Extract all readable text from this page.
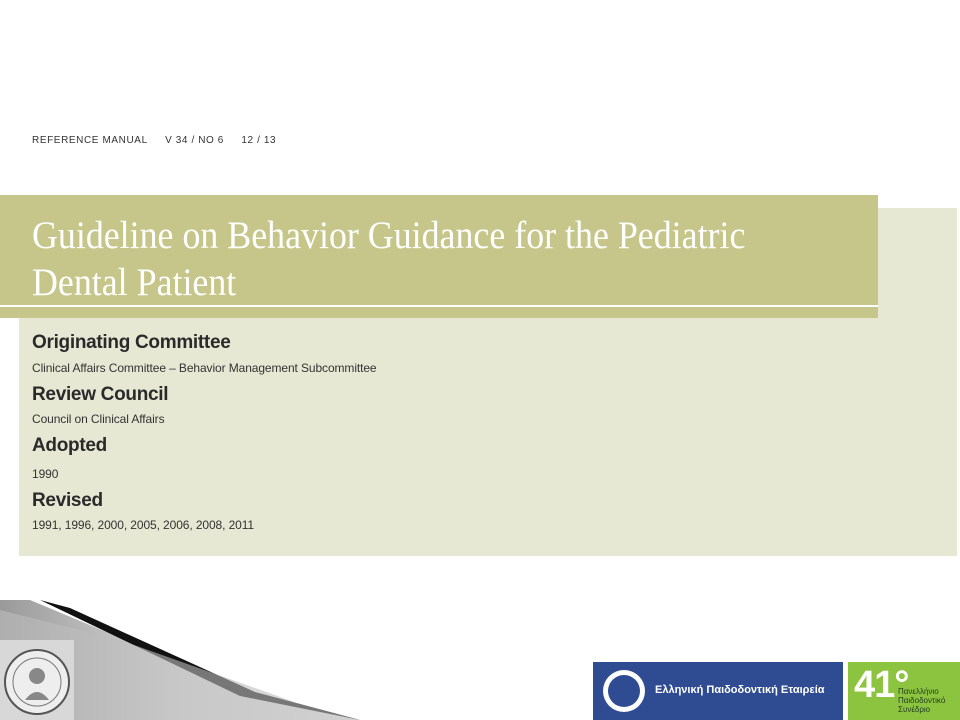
REFERENCE MANUAL V 34 / NO 6 12 / 13
Guideline on Behavior Guidance for the Pediatric
Dental Patient
Originating Committee
Clinical Affairs Committee – Behavior Management Subcommittee
Review Council
Council on Clinical Affairs
Adopted
1990
Revised
1991, 1996, 2000, 2005, 2006, 2008, 2011
Ελληνική Παιδοδοντική Εταιρεία 41°
Πανελλήνιο
Παιδοδοντικό
Συνέδριο
